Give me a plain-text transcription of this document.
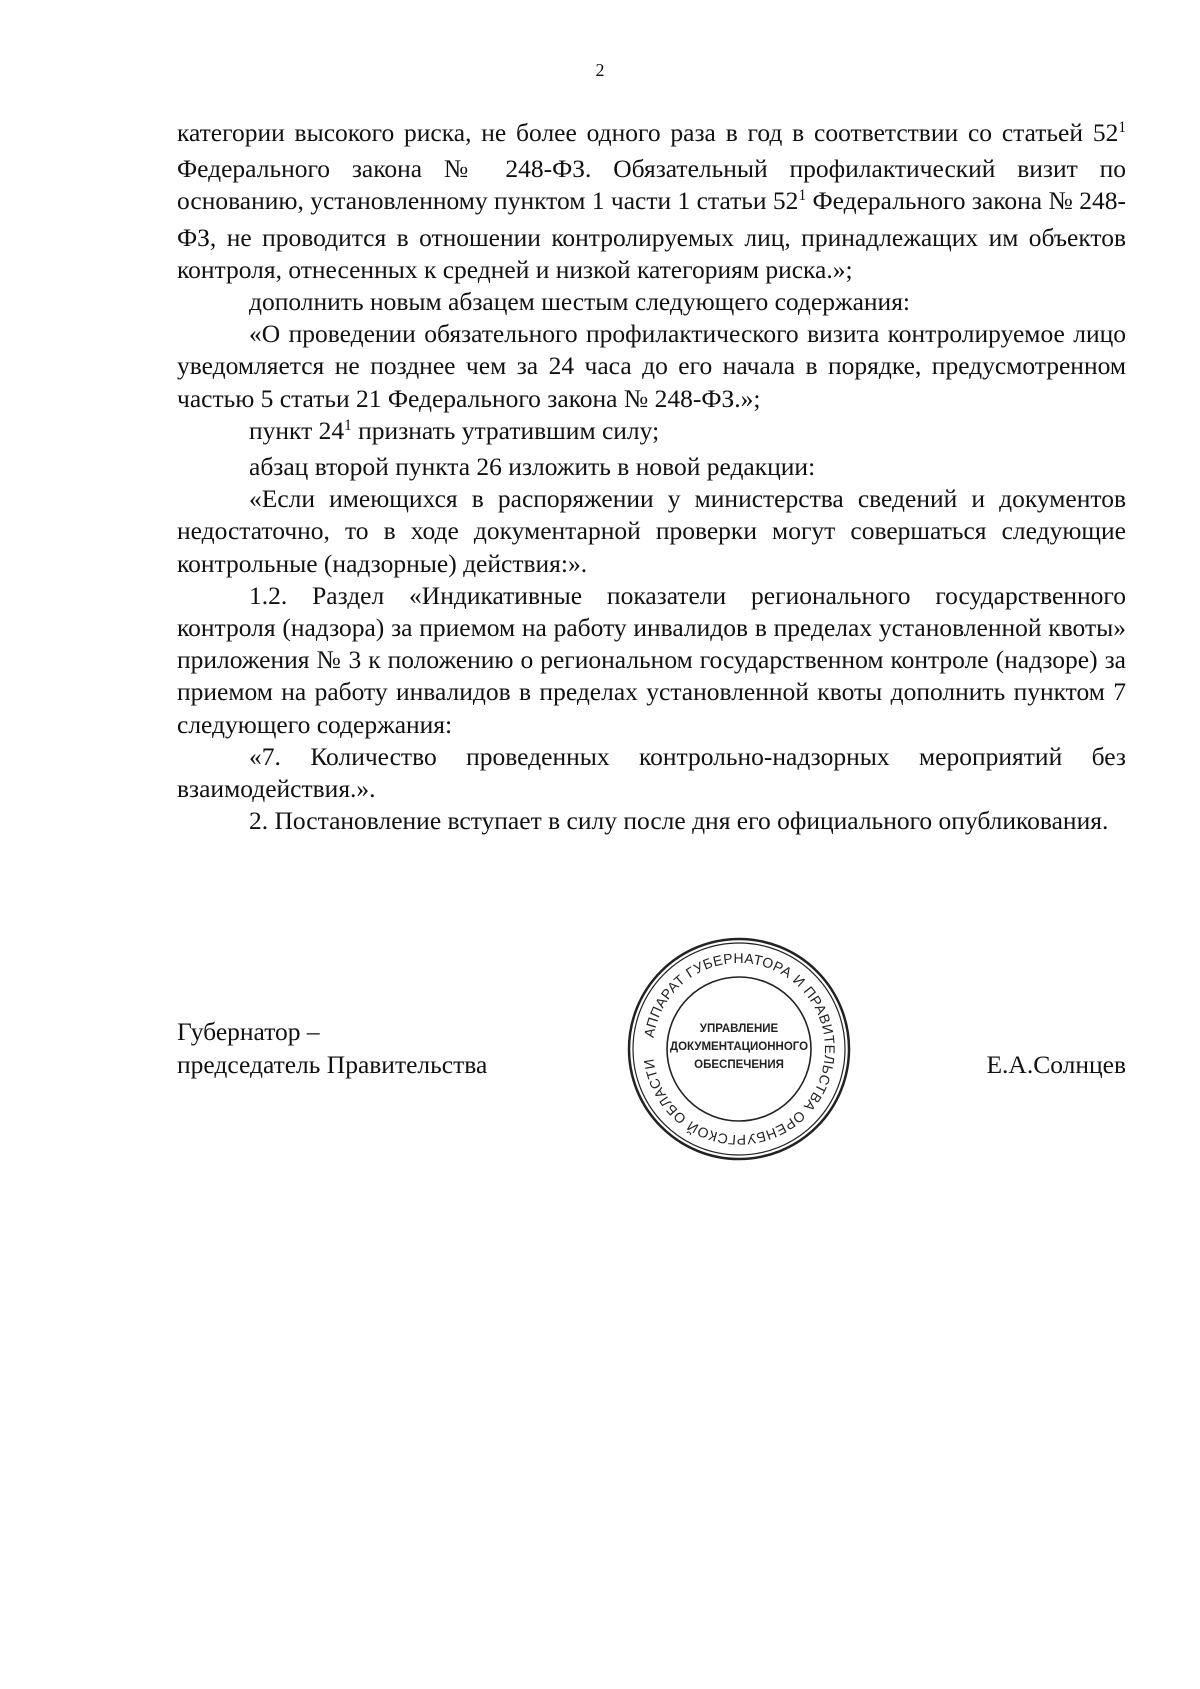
2

категории высокого риска, не более одного раза в год в соответствии со статьей $52^1$ Федерального закона № 248-ФЗ. Обязательный профилактический визит по основанию, установленному пунктом 1 части 1 статьи $52^1$ Федерального закона № 248-ФЗ, не проводится в отношении контролируемых лиц, принадлежащих им объектов контроля, отнесенных к средней и низкой категориям риска.»;

дополнить новым абзацем шестым следующего содержания:

«О проведении обязательного профилактического визита контролируемое лицо уведомляется не позднее чем за 24 часа до его начала в порядке, предусмотренном частью 5 статьи 21 Федерального закона № 248-ФЗ.»;

пункт $24^1$ признать утратившим силу;

абзац второй пункта 26 изложить в новой редакции:

«Если имеющихся в распоряжении у министерства сведений и документов недостаточно, то в ходе документарной проверки могут совершаться следующие контрольные (надзорные) действия:».

1.2. Раздел «Индикативные показатели регионального государственного контроля (надзора) за приемом на работу инвалидов в пределах установленной квоты» приложения № 3 к положению о региональном государственном контроле (надзоре) за приемом на работу инвалидов в пределах установленной квоты дополнить пунктом 7 следующего содержания:

«7. Количество проведенных контрольно-надзорных мероприятий без взаимодействия.».

2. Постановление вступает в силу после дня его официального опубликования.

Губернатор –
председатель Правительства
АППАРАТ ГУБЕРНАТОРА И ПРАВИТЕЛЬСТВА ОРЕНБУРГСКОЙ ОБЛАСТИ
УПРАВЛЕНИЕ
ДОКУМЕНТАЦИОННОГО
ОБЕСПЕЧЕНИЯ	Е.А.Солнцев
